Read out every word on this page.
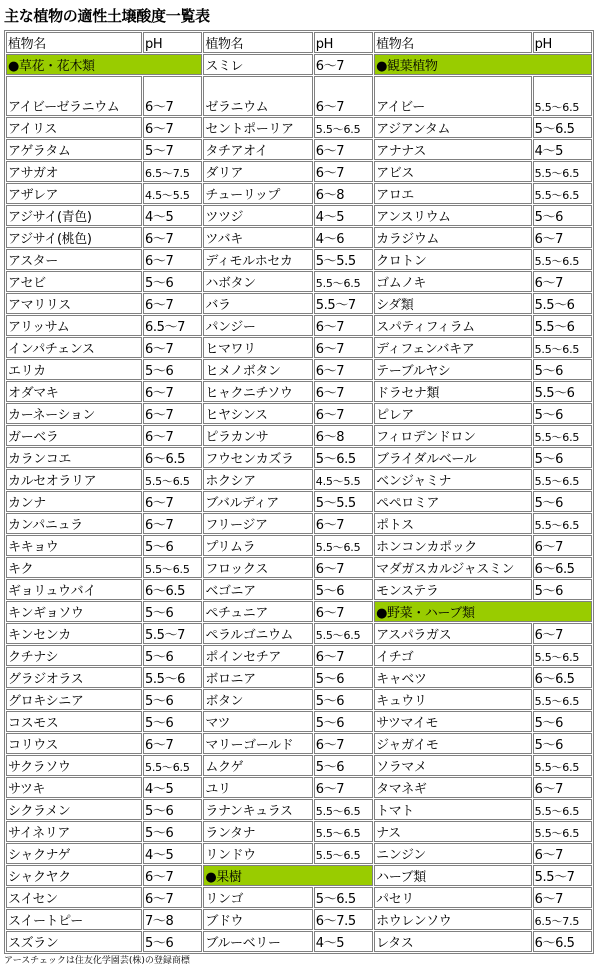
主な植物の適性土壌酸度一覧表
植物名	pH	植物名	pH	植物名	pH
●草花・花木類		スミレ	6〜7	●観葉植物	
アイビーゼラニウム	6〜7	ゼラニウム	6〜7	アイビー	5.5〜6.5
アイリス	6〜7	セントポーリア	5.5〜6.5	アジアンタム	5〜6.5
アゲラタム	5〜7	タチアオイ	6〜7	アナナス	4〜5
アサガオ	6.5〜7.5	ダリア	6〜7	アビス	5.5〜6.5
アザレア	4.5〜5.5	チューリップ	6〜8	アロエ	5.5〜6.5
アジサイ(青色)	4〜5	ツツジ	4〜5	アンスリウム	5〜6
アジサイ(桃色)	6〜7	ツバキ	4〜6	カラジウム	6〜7
アスター	6〜7	ディモルホセカ	5〜5.5	クロトン	5.5〜6.5
アセビ	5〜6	ハボタン	5.5〜6.5	ゴムノキ	6〜7
アマリリス	6〜7	バラ	5.5〜7	シダ類	5.5〜6
アリッサム	6.5〜7	パンジー	6〜7	スパティフィラム	5.5〜6
インパチェンス	6〜7	ヒマワリ	6〜7	ディフェンバキア	5.5〜6.5
エリカ	5〜6	ヒメノボタン	6〜7	テーブルヤシ	5〜6
オダマキ	6〜7	ヒャクニチソウ	6〜7	ドラセナ類	5.5〜6
カーネーション	6〜7	ヒヤシンス	6〜7	ピレア	5〜6
ガーベラ	6〜7	ピラカンサ	6〜8	フィロデンドロン	5.5〜6.5
カランコエ	6〜6.5	フウセンカズラ	5〜6.5	ブライダルベール	5〜6
カルセオラリア	5.5〜6.5	ホクシア	4.5〜5.5	ベンジャミナ	5.5〜6.5
カンナ	6〜7	ブバルディア	5〜5.5	ペペロミア	5〜6
カンパニュラ	6〜7	フリージア	6〜7	ポトス	5.5〜6.5
キキョウ	5〜6	プリムラ	5.5〜6.5	ホンコンカポック	6〜7
キク	5.5〜6.5	フロックス	6〜7	マダガスカルジャスミン	6〜6.5
ギョリュウバイ	6〜6.5	ベゴニア	5〜6	モンステラ	5〜6
キンギョソウ	5〜6	ペチュニア	6〜7	●野菜・ハーブ類	
キンセンカ	5.5〜7	ペラルゴニウム	5.5〜6.5	アスパラガス	6〜7
クチナシ	5〜6	ポインセチア	6〜7	イチゴ	5.5〜6.5
グラジオラス	5.5〜6	ボロニア	5〜6	キャベツ	6〜6.5
グロキシニア	5〜6	ボタン	5〜6	キュウリ	5.5〜6.5
コスモス	5〜6	マツ	5〜6	サツマイモ	5〜6
コリウス	6〜7	マリーゴールド	6〜7	ジャガイモ	5〜6
サクラソウ	5.5〜6.5	ムクゲ	5〜6	ソラマメ	5.5〜6.5
サツキ	4〜5	ユリ	6〜7	タマネギ	6〜7
シクラメン	5〜6	ラナンキュラス	5.5〜6.5	トマト	5.5〜6.5
サイネリア	5〜6	ランタナ	5.5〜6.5	ナス	5.5〜6.5
シャクナゲ	4〜5	リンドウ	5.5〜6.5	ニンジン	6〜7
シャクヤク	6〜7	●果樹		ハーブ類	5.5〜7
スイセン	6〜7	リンゴ	5〜6.5	パセリ	6〜7
スイートピー	7〜8	ブドウ	6〜7.5	ホウレンソウ	6.5〜7.5
スズラン	5〜6	ブルーベリー	4〜5	レタス	6〜6.5
アースチェックは住友化学園芸(株)の登録商標
